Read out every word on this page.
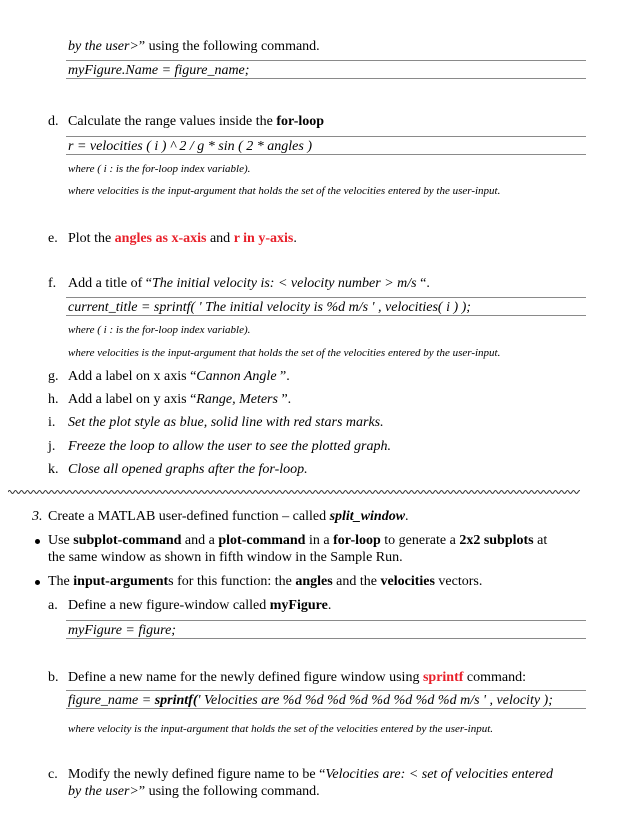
by the user>” using the following command.
myFigure.Name = figure_name;
d. Calculate the range values inside the for-loop
r = velocities ( i ) ^ 2 / g * sin ( 2 * angles )
where ( i : is the for-loop index variable).
where velocities is the input-argument that holds the set of the velocities entered by the user-input.
e. Plot the angles as x-axis and r in y-axis.
f. Add a title of “The initial velocity is: < velocity number > m/s “.
current_title = sprintf( ' The initial velocity is %d m/s ' , velocities( i ) );
where ( i : is the for-loop index variable).
where velocities is the input-argument that holds the set of the velocities entered by the user-input.
g. Add a label on x axis “Cannon Angle ”.
h. Add a label on y axis “Range, Meters ”.
i. Set the plot style as blue, solid line with red stars marks.
j. Freeze the loop to allow the user to see the plotted graph.
k. Close all opened graphs after the for-loop.
3. Create a MATLAB user-defined function – called split_window.
Use subplot-command and a plot-command in a for-loop to generate a 2x2 subplots at
the same window as shown in fifth window in the Sample Run.
The input-arguments for this function: the angles and the velocities vectors.
a. Define a new figure-window called myFigure.
myFigure = figure;
b. Define a new name for the newly defined figure window using sprintf command:
figure_name = sprintf(' Velocities are %d %d %d %d %d %d %d %d m/s ' , velocity );
where velocity is the input-argument that holds the set of the velocities entered by the user-input.
c. Modify the newly defined figure name to be “Velocities are: < set of velocities entered
by the user>” using the following command.
